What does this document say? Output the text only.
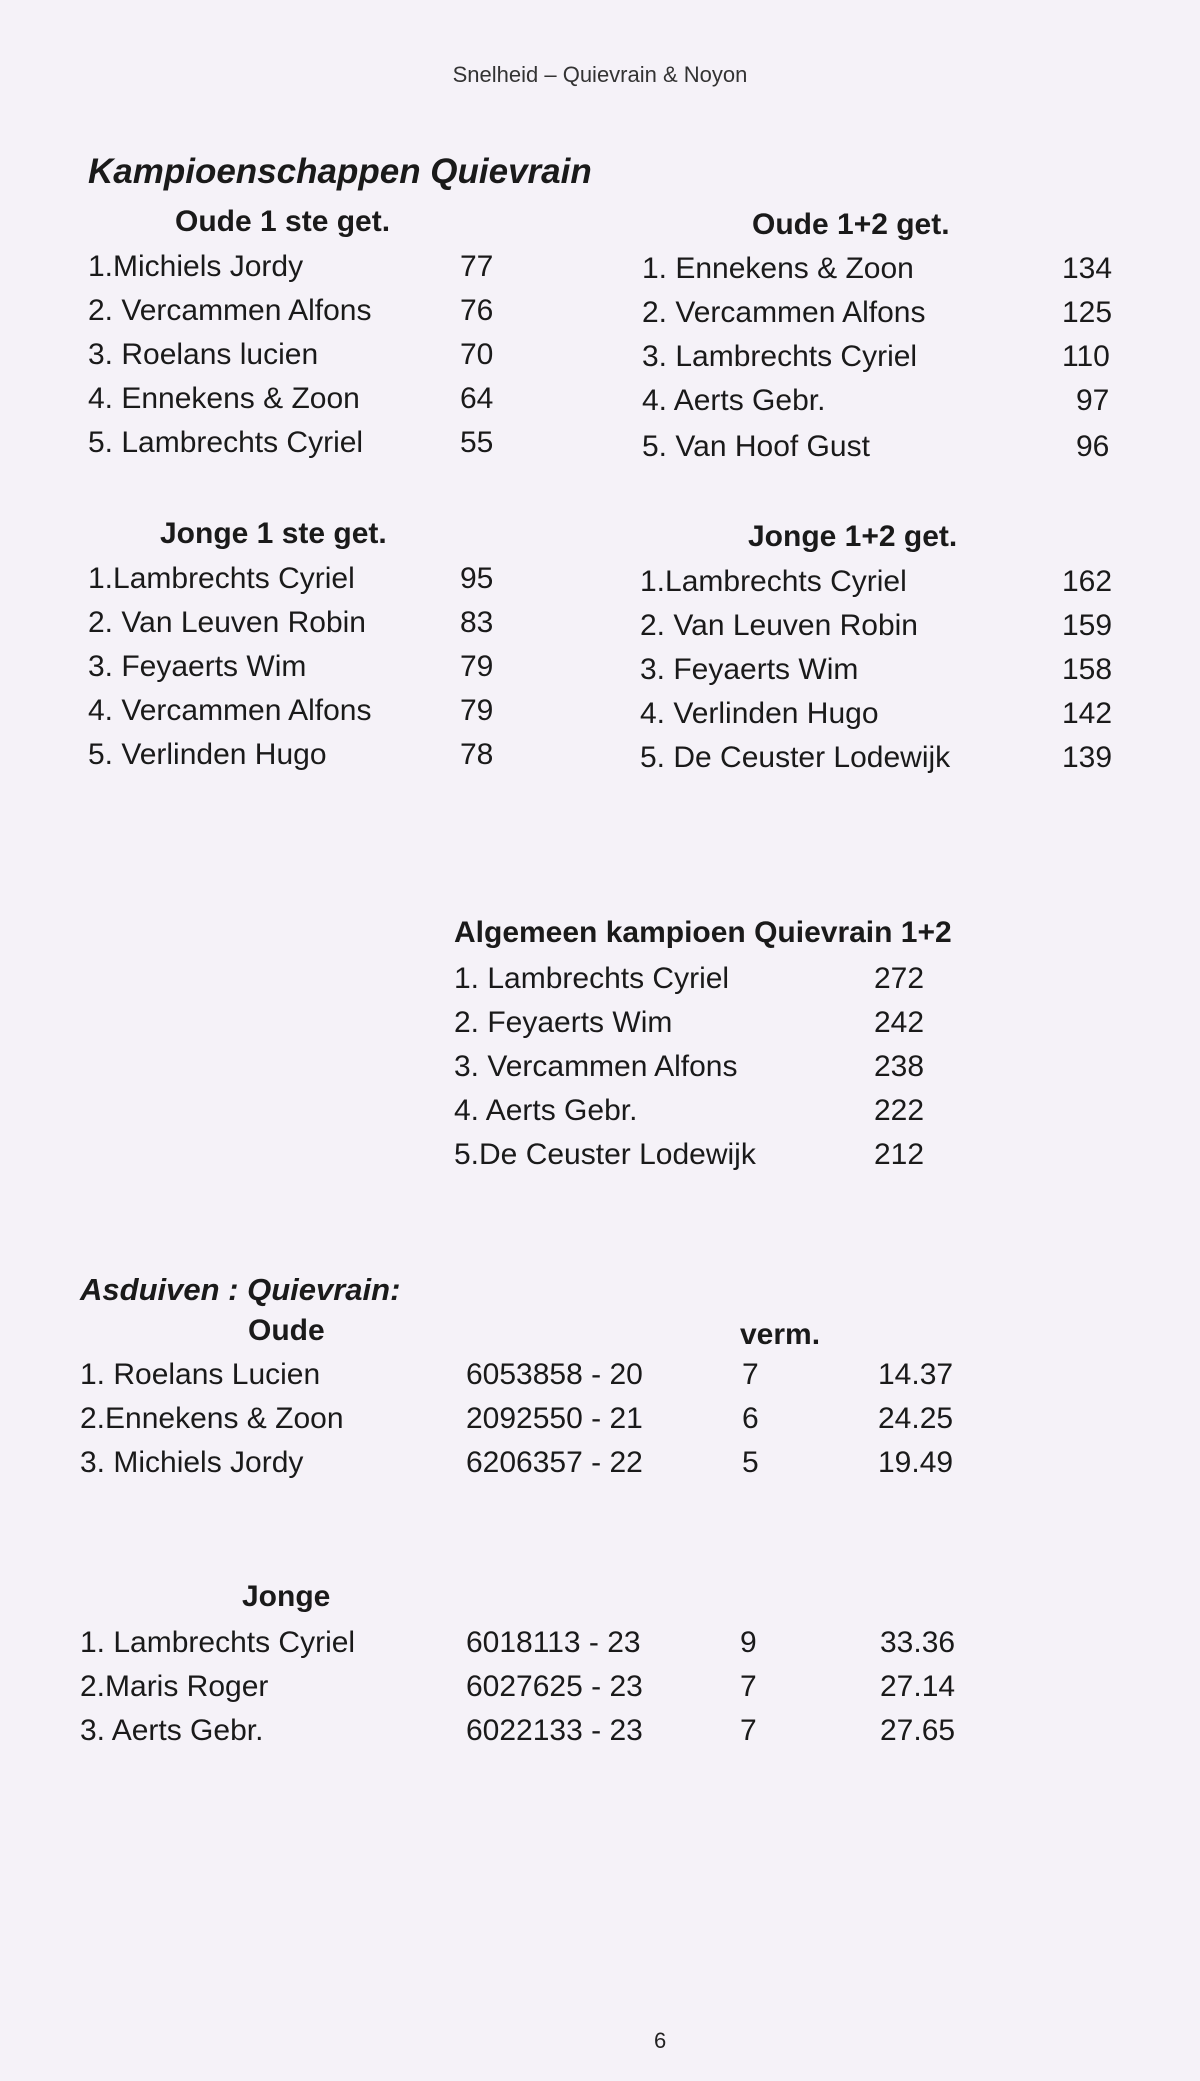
Snelheid – Quievrain & Noyon
Kampioenschappen Quievrain
Oude 1 ste get.
1.Michiels Jordy	77
2. Vercammen Alfons	76
3. Roelans lucien	70
4. Ennekens & Zoon	64
5. Lambrechts Cyriel	55
Oude 1+2 get.
1. Ennekens & Zoon	134
2. Vercammen Alfons	125
3. Lambrechts Cyriel	110
4. Aerts Gebr.	97
5. Van Hoof Gust	96
Jonge 1 ste get.
1.Lambrechts Cyriel	95
2. Van Leuven Robin	83
3. Feyaerts Wim	79
4. Vercammen Alfons	79
5. Verlinden Hugo	78
Jonge 1+2 get.
1.Lambrechts Cyriel	162
2. Van Leuven Robin	159
3. Feyaerts Wim	158
4. Verlinden Hugo	142
5. De Ceuster Lodewijk	139
Algemeen kampioen Quievrain 1+2
1. Lambrechts Cyriel	272
2. Feyaerts Wim	242
3. Vercammen Alfons	238
4. Aerts Gebr.	222
5.De Ceuster Lodewijk	212
Asduiven : Quievrain:
Oude	verm.
1. Roelans Lucien	6053858 - 20	7	14.37
2.Ennekens & Zoon	2092550 - 21	6	24.25
3. Michiels Jordy	6206357 - 22	5	19.49
Jonge
1. Lambrechts Cyriel	6018113 - 23	9	33.36
2.Maris Roger	6027625 - 23	7	27.14
3. Aerts Gebr.	6022133 - 23	7	27.65
6
